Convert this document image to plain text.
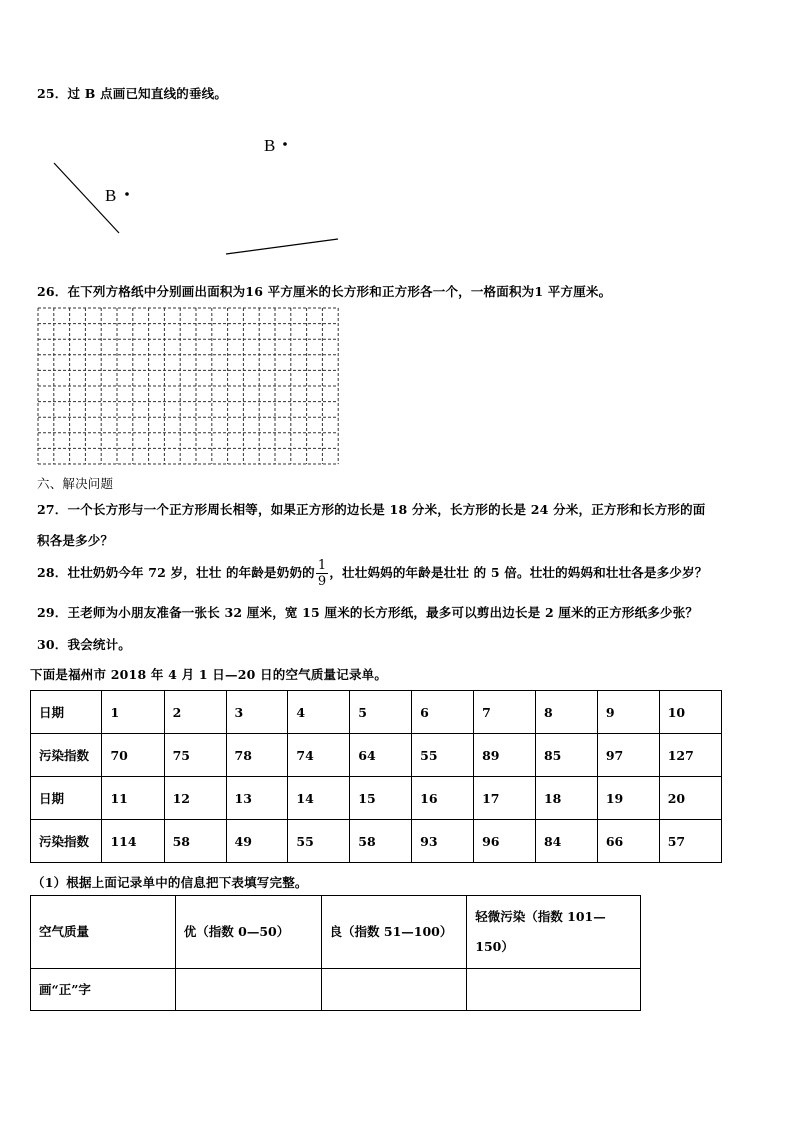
25．过 B 点画已知直线的垂线。
B
B
26．在下列方格纸中分别画出面积为16 平方厘米的长方形和正方形各一个，一格面积为1 平方厘米。
六、解决问题
27．一个长方形与一个正方形周长相等，如果正方形的边长是 18 分米，长方形的长是 24 分米，正方形和长方形的面
积各是多少？
28．壮壮奶奶今年 72 岁，壮壮 的年龄是奶奶的 $\frac{1}{9}$ ，壮壮妈妈的年龄是壮壮 的 5 倍。壮壮的妈妈和壮壮各是多少岁？
29．王老师为小朋友准备一张长 32 厘米，宽 15 厘米的长方形纸，最多可以剪出边长是 2 厘米的正方形纸多少张？
30．我会统计。
下面是福州市 2018 年 4 月 1 日—20 日的空气质量记录单。
日期	1	2	3	4	5	6	7	8	9	10
污染指数	70	75	78	74	64	55	89	85	97	127
日期	11	12	13	14	15	16	17	18	19	20
污染指数	114	58	49	55	58	93	96	84	66	57
（1）根据上面记录单中的信息把下表填写完整。
空气质量	优（指数 0—50）	良（指数 51—100）	轻微污染（指数 101—150）
画“正”字			
